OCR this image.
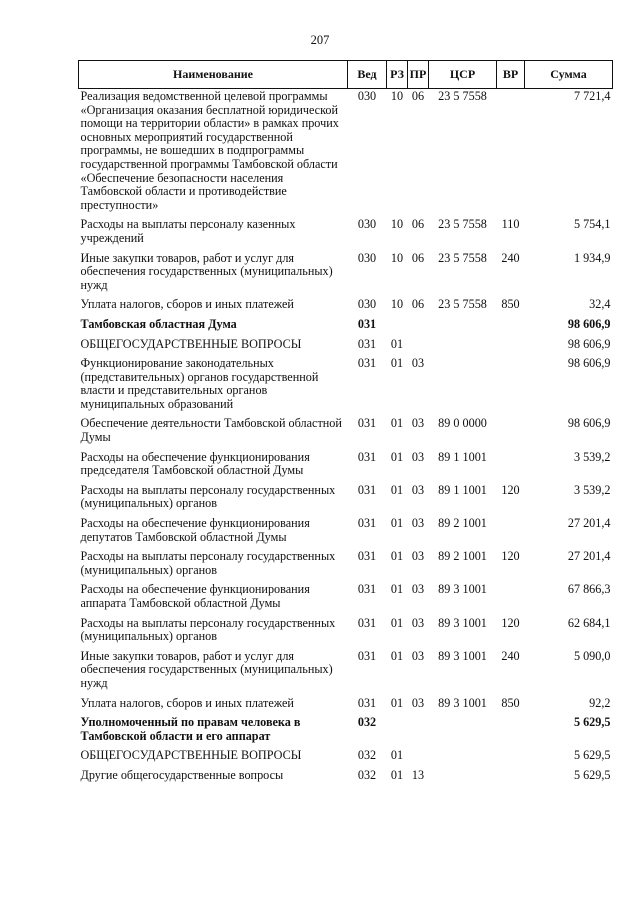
207
Наименование	Вед	РЗ	ПР	ЦСР	ВР	Сумма
Реализация ведомственной целевой программы «Организация оказания бесплатной юридической помощи на территории области» в рамках прочих основных мероприятий государственной программы, не вошедших в подпрограммы государственной программы Тамбовской области «Обеспечение безопасности населения Тамбовской области и противодействие преступности»	030	10	06	23 5 7558		7 721,4
Расходы на выплаты персоналу казенных учреждений	030	10	06	23 5 7558	110	5 754,1
Иные закупки товаров, работ и услуг для обеспечения государственных (муниципальных) нужд	030	10	06	23 5 7558	240	1 934,9
Уплата налогов, сборов и иных платежей	030	10	06	23 5 7558	850	32,4
Тамбовская областная Дума	031					98 606,9
ОБЩЕГОСУДАРСТВЕННЫЕ ВОПРОСЫ	031	01				98 606,9
Функционирование законодательных (представительных) органов государственной власти и представительных органов муниципальных образований	031	01	03			98 606,9
Обеспечение деятельности Тамбовской областной Думы	031	01	03	89 0 0000		98 606,9
Расходы на обеспечение функционирования председателя Тамбовской областной Думы	031	01	03	89 1 1001		3 539,2
Расходы на выплаты персоналу государственных (муниципальных) органов	031	01	03	89 1 1001	120	3 539,2
Расходы на обеспечение функционирования депутатов Тамбовской областной Думы	031	01	03	89 2 1001		27 201,4
Расходы на выплаты персоналу государственных (муниципальных) органов	031	01	03	89 2 1001	120	27 201,4
Расходы на обеспечение функционирования аппарата Тамбовской областной Думы	031	01	03	89 3 1001		67 866,3
Расходы на выплаты персоналу государственных (муниципальных) органов	031	01	03	89 3 1001	120	62 684,1
Иные закупки товаров, работ и услуг для обеспечения государственных (муниципальных) нужд	031	01	03	89 3 1001	240	5 090,0
Уплата налогов, сборов и иных платежей	031	01	03	89 3 1001	850	92,2
Уполномоченный по правам человека в Тамбовской области и его аппарат	032					5 629,5
ОБЩЕГОСУДАРСТВЕННЫЕ ВОПРОСЫ	032	01				5 629,5
Другие общегосударственные вопросы	032	01	13			5 629,5
